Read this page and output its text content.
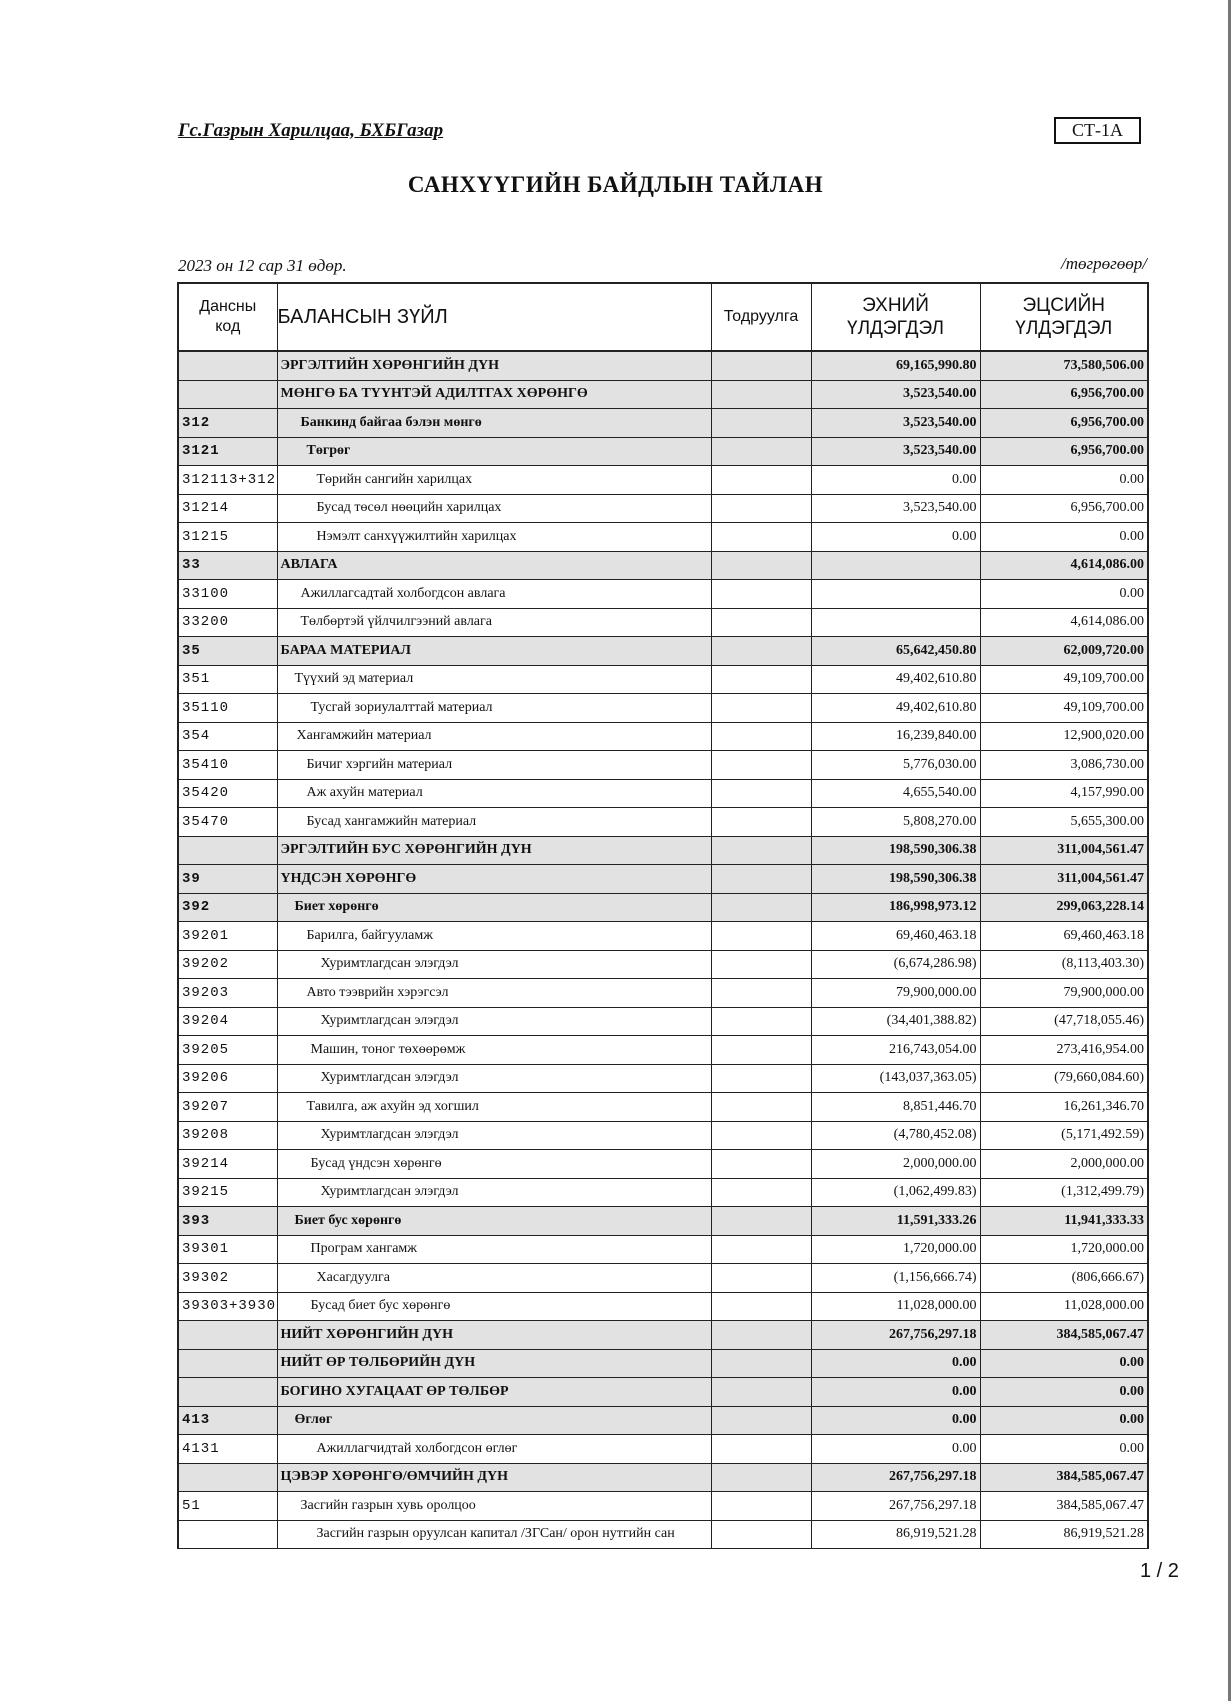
Гс.Газрын Харилцаа, БХБГазар	СТ-1А
САНХҮҮГИЙН БАЙДЛЫН ТАЙЛАН
2023 он 12 сар 31 өдөр.	/төгрөгөөр/
Дансны код	БАЛАНСЫН ЗҮЙЛ	Тодруулга	ЭХНИЙ ҮЛДЭГДЭЛ	ЭЦСИЙН ҮЛДЭГДЭЛ
	ЭРГЭЛТИЙН ХӨРӨНГИЙН ДҮН		69,165,990.80	73,580,506.00
	МӨНГӨ БА ТҮҮНТЭЙ АДИЛТГАХ ХӨРӨНГӨ		3,523,540.00	6,956,700.00
312	Банкинд байгаа бэлэн мөнгө		3,523,540.00	6,956,700.00
3121	Төгрөг		3,523,540.00	6,956,700.00
312113+312	Төрийн сангийн харилцах		0.00	0.00
31214	Бусад төсөл нөөцийн харилцах		3,523,540.00	6,956,700.00
31215	Нэмэлт санхүүжилтийн харилцах		0.00	0.00
33	АВЛАГА			4,614,086.00
33100	Ажиллагсадтай холбогдсон авлага			0.00
33200	Төлбөртэй үйлчилгээний авлага			4,614,086.00
35	БАРАА МАТЕРИАЛ		65,642,450.80	62,009,720.00
351	Түүхий эд материал		49,402,610.80	49,109,700.00
35110	Тусгай зориулалттай материал		49,402,610.80	49,109,700.00
354	Хангамжийн материал		16,239,840.00	12,900,020.00
35410	Бичиг хэргийн материал		5,776,030.00	3,086,730.00
35420	Аж ахуйн материал		4,655,540.00	4,157,990.00
35470	Бусад хангамжийн материал		5,808,270.00	5,655,300.00
	ЭРГЭЛТИЙН БУС ХӨРӨНГИЙН ДҮН		198,590,306.38	311,004,561.47
39	ҮНДСЭН ХӨРӨНГӨ		198,590,306.38	311,004,561.47
392	Биет хөрөнгө		186,998,973.12	299,063,228.14
39201	Барилга, байгууламж		69,460,463.18	69,460,463.18
39202	Хуримтлагдсан элэгдэл		(6,674,286.98)	(8,113,403.30)
39203	Авто тээврийн хэрэгсэл		79,900,000.00	79,900,000.00
39204	Хуримтлагдсан элэгдэл		(34,401,388.82)	(47,718,055.46)
39205	Машин, тоног төхөөрөмж		216,743,054.00	273,416,954.00
39206	Хуримтлагдсан элэгдэл		(143,037,363.05)	(79,660,084.60)
39207	Тавилга, аж ахуйн эд хогшил		8,851,446.70	16,261,346.70
39208	Хуримтлагдсан элэгдэл		(4,780,452.08)	(5,171,492.59)
39214	Бусад үндсэн хөрөнгө		2,000,000.00	2,000,000.00
39215	Хуримтлагдсан элэгдэл		(1,062,499.83)	(1,312,499.79)
393	Биет бус хөрөнгө		11,591,333.26	11,941,333.33
39301	Програм хангамж		1,720,000.00	1,720,000.00
39302	Хасагдуулга		(1,156,666.74)	(806,666.67)
39303+3930	Бусад биет бус хөрөнгө		11,028,000.00	11,028,000.00
	НИЙТ ХӨРӨНГИЙН ДҮН		267,756,297.18	384,585,067.47
	НИЙТ ӨР ТӨЛБӨРИЙН ДҮН		0.00	0.00
	БОГИНО ХУГАЦААТ ӨР ТӨЛБӨР		0.00	0.00
413	Өглөг		0.00	0.00
4131	Ажиллагчидтай холбогдсон өглөг		0.00	0.00
	ЦЭВЭР ХӨРӨНГӨ/ӨМЧИЙН ДҮН		267,756,297.18	384,585,067.47
51	Засгийн газрын хувь оролцоо		267,756,297.18	384,585,067.47
	Засгийн газрын оруулсан капитал /ЗГСан/ орон нутгийн сан		86,919,521.28	86,919,521.28
1 / 2
